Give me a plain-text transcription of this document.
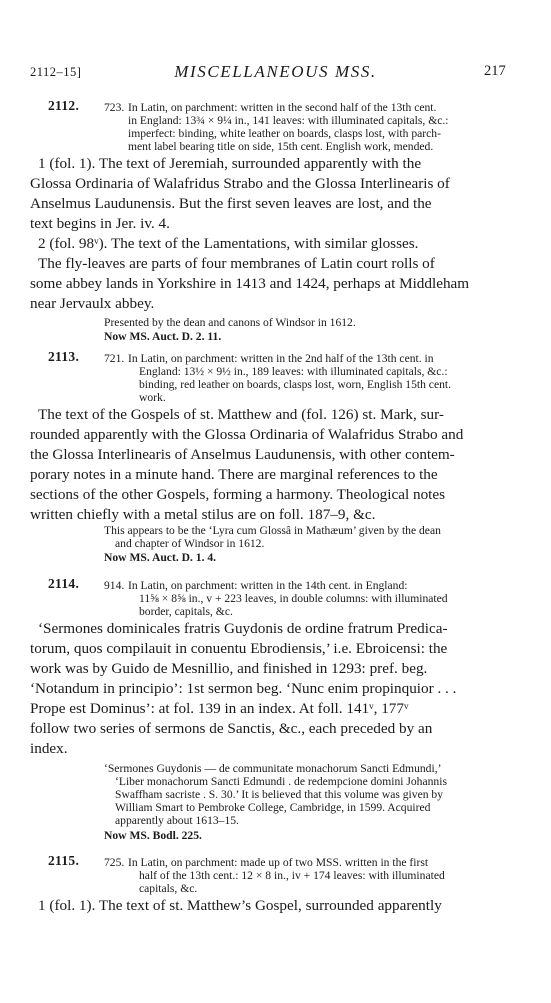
2112–15]	MISCELLANEOUS MSS.	217
2112. 723. In Latin, on parchment: written in the second half of the 13th cent.
in England: 13¾ × 9¼ in., 141 leaves: with illuminated capitals, &c.:
imperfect: binding, white leather on boards, clasps lost, with parch-
ment label bearing title on side, 15th cent. English work, mended.

1 (fol. 1). The text of Jeremiah, surrounded apparently with the

Glossa Ordinaria of Walafridus Strabo and the Glossa Interlinearis of

Anselmus Laudunensis. But the first seven leaves are lost, and the

text begins in Jer. iv. 4.

2 (fol. 98ᵛ). The text of the Lamentations, with similar glosses.

The fly-leaves are parts of four membranes of Latin court rolls of

some abbey lands in Yorkshire in 1413 and 1424, perhaps at Middleham

near Jervaulx abbey.

Presented by the dean and canons of Windsor in 1612.
Now MS. Auct. D. 2. 11.
2113. 721. In Latin, on parchment: written in the 2nd half of the 13th cent. in
England: 13½ × 9½ in., 189 leaves: with illuminated capitals, &c.:
binding, red leather on boards, clasps lost, worn, English 15th cent.
work.

The text of the Gospels of st. Matthew and (fol. 126) st. Mark, sur-

rounded apparently with the Glossa Ordinaria of Walafridus Strabo and

the Glossa Interlinearis of Anselmus Laudunensis, with other contem-

porary notes in a minute hand. There are marginal references to the

sections of the other Gospels, forming a harmony. Theological notes

written chiefly with a metal stilus are on foll. 187–9, &c.

This appears to be the ‘Lyra cum Glossâ in Mathæum’ given by the dean
and chapter of Windsor in 1612.
Now MS. Auct. D. 1. 4.
2114. 914. In Latin, on parchment: written in the 14th cent. in England:
11⅝ × 8⅝ in., v + 223 leaves, in double columns: with illuminated
border, capitals, &c.

‘Sermones dominicales fratris Guydonis de ordine fratrum Predica-

torum, quos compilauit in conuentu Ebrodiensis,’ i.e. Ebroicensi: the

work was by Guido de Mesnillio, and finished in 1293: pref. beg.

‘Notandum in principio’: 1st sermon beg. ‘Nunc enim propinquior . . .

Prope est Dominus’: at fol. 139 in an index. At foll. 141ᵛ, 177ᵛ

follow two series of sermons de Sanctis, &c., each preceded by an

index.

‘Sermones Guydonis — de communitate monachorum Sancti Edmundi,’
‘Liber monachorum Sancti Edmundi . de redempcione domini Johannis
Swaffham sacriste . S. 30.’ It is believed that this volume was given by
William Smart to Pembroke College, Cambridge, in 1599. Acquired
apparently about 1613–15.
Now MS. Bodl. 225.
2115. 725. In Latin, on parchment: made up of two MSS. written in the first
half of the 13th cent.: 12 × 8 in., iv + 174 leaves: with illuminated
capitals, &c.

1 (fol. 1). The text of st. Matthew’s Gospel, surrounded apparently
